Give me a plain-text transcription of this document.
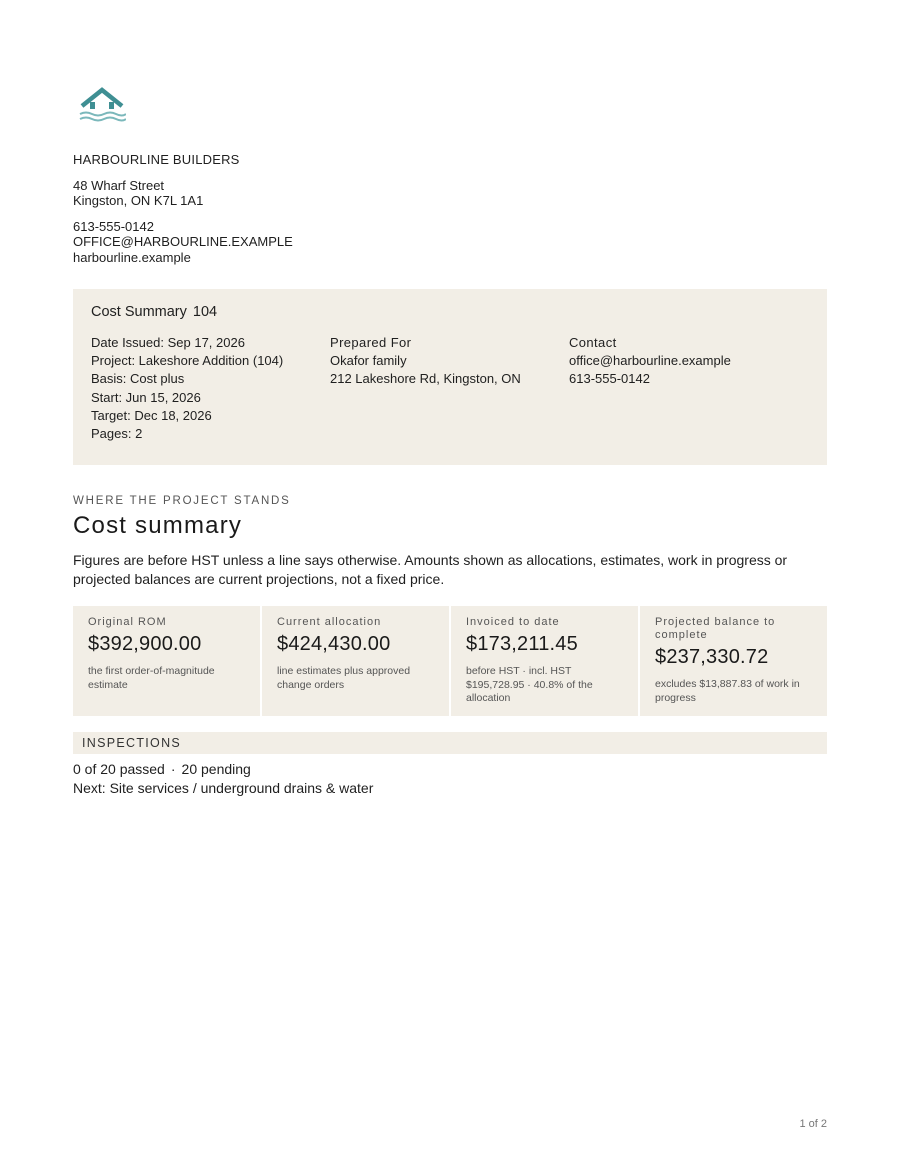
HARBOURLINE BUILDERS
48 Wharf Street
Kingston, ON K7L 1A1
613-555-0142
OFFICE@HARBOURLINE.EXAMPLE
harbourline.example
Cost Summary 104
Date Issued: Sep 17, 2026
Project: Lakeshore Addition (104)
Basis: Cost plus
Start: Jun 15, 2026
Target: Dec 18, 2026
Pages: 2
Prepared For
Okafor family
212 Lakeshore Rd, Kingston, ON
Contact
office@harbourline.example
613-555-0142
WHERE THE PROJECT STANDS
Cost summary
Figures are before HST unless a line says otherwise. Amounts shown as allocations, estimates, work in progress or projected balances are current projections, not a fixed price.
Original ROM
$392,900.00
the first order-of-magnitude estimate
Current allocation
$424,430.00
line estimates plus approved change orders
Invoiced to date
$173,211.45
before HST · incl. HST $195,728.95 · 40.8% of the allocation
Projected balance to complete
$237,330.72
excludes $13,887.83 of work in progress
INSPECTIONS
0 of 20 passed · 20 pending
Next: Site services / underground drains & water
1 of 2
